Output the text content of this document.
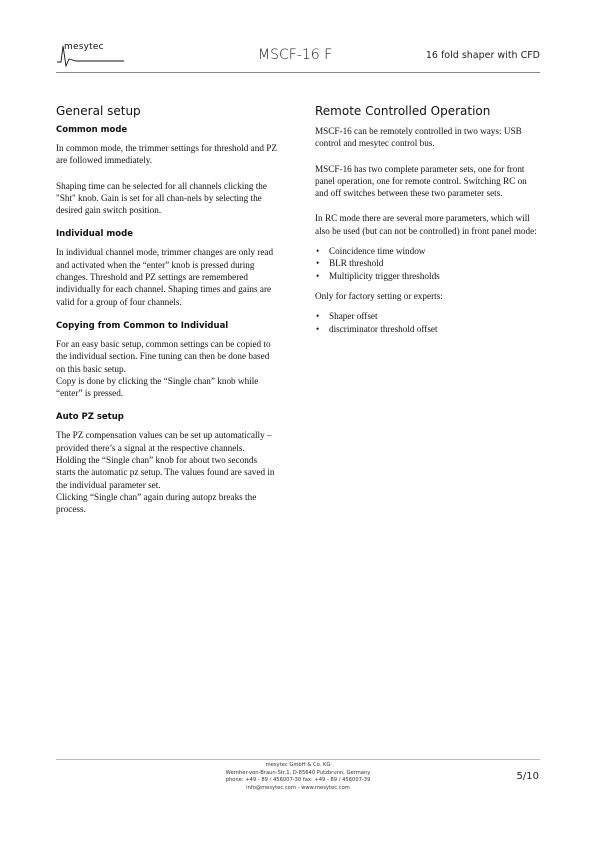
mesytec	MSCF-16 F	16 fold shaper with CFD
General setup
Common mode

In common mode, the trimmer settings for threshold and PZ are followed immediately.

Shaping time can be selected for all channels clicking the "Sht" knob. Gain is set for all chan-nels by selecting the desired gain switch position.

Individual mode

In individual channel mode, trimmer changes are only read and activated when the “enter” knob is pressed during changes. Threshold and PZ settings are remembered individually for each channel. Shaping times and gains are valid for a group of four channels.

Copying from Common to Individual

For an easy basic setup, common settings can be copied to the individual section. Fine tuning can then be done based on this basic setup.

Copy is done by clicking the “Single chan” knob while “enter” is pressed.

Auto PZ setup

The PZ compensation values can be set up automatically – provided there’s a signal at the respective channels.

Holding the “Single chan” knob for about two seconds starts the automatic pz setup. The values found are saved in the individual parameter set.

Clicking “Single chan” again during autopz breaks the process.

Remote Controlled Operation

MSCF-16 can be remotely controlled in two ways: USB control and mesytec control bus.

MSCF-16 has two complete parameter sets, one for front panel operation, one for remote control. Switching RC on and off switches between these two parameter sets.

In RC mode there are several more parameters, which will also be used (but can not be controlled) in front panel mode:

• Coincidence time window
• BLR threshold
• Multiplicity trigger thresholds

Only for factory setting or experts:

• Shaper offset
• discriminator threshold offset
mesytec GmbH & Co. KG
Wernher-von-Braun-Str.1, D-85640 Putzbrunn, Germany
phone: +49 - 89 / 456007-30 fax: +49 - 89 / 456007-39
info@mesytec.com - www.mesytec.com
5/10
